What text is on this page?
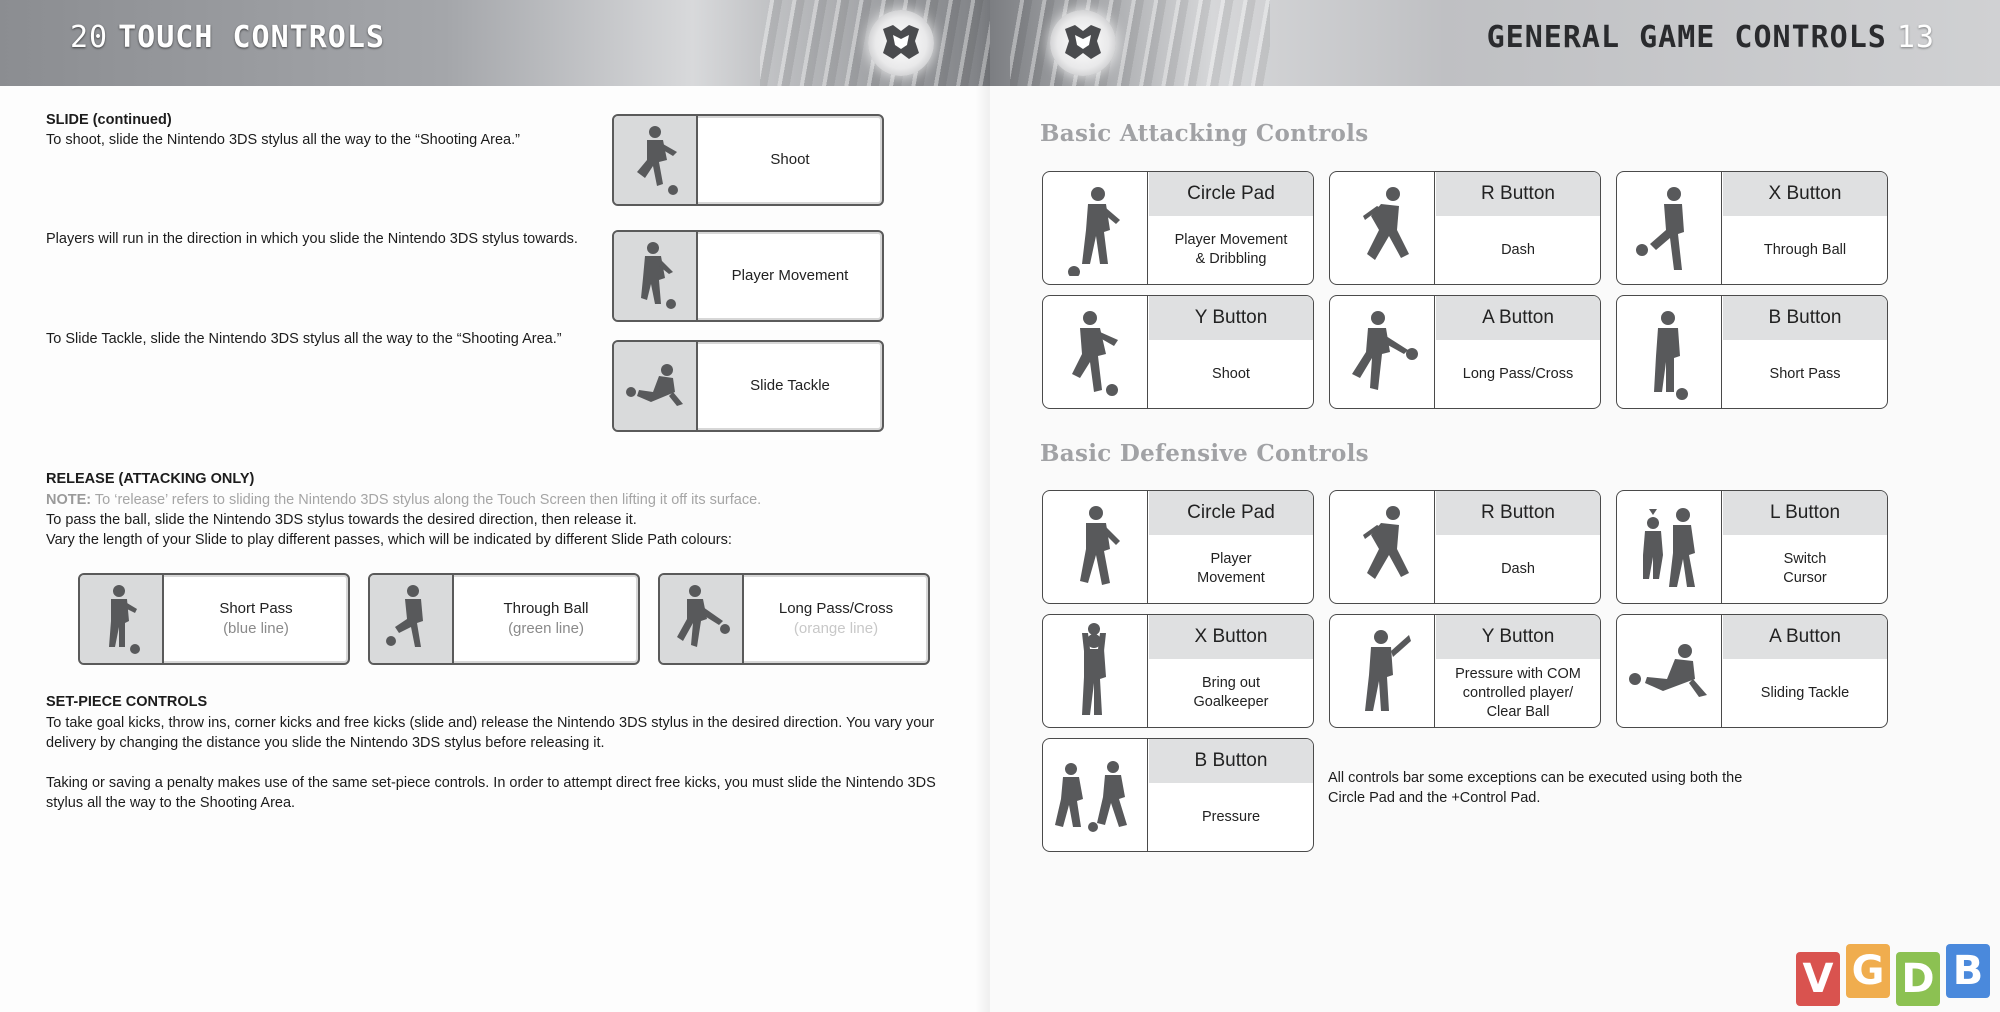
20 TOUCH CONTROLS
SLIDE (continued)
To shoot, slide the Nintendo 3DS stylus all the way to the “Shooting Area.”
Players will run in the direction in which you slide the Nintendo 3DS stylus towards.
To Slide Tackle, slide the Nintendo 3DS stylus all the way to the “Shooting Area.”
Shoot
Player Movement
Slide Tackle
RELEASE (ATTACKING ONLY)
NOTE: To ‘release’ refers to sliding the Nintendo 3DS stylus along the Touch Screen then lifting it off its surface.
To pass the ball, slide the Nintendo 3DS stylus towards the desired direction, then release it.
Vary the length of your Slide to play different passes, which will be indicated by different Slide Path colours:
Short Pass
(blue line)
Through Ball
(green line)
Long Pass/Cross
(orange line)
SET-PIECE CONTROLS
To take goal kicks, throw ins, corner kicks and free kicks (slide and) release the Nintendo 3DS stylus in the desired direction. You vary your delivery by changing the distance you slide the Nintendo 3DS stylus before releasing it.
Taking or saving a penalty makes use of the same set-piece controls. In order to attempt direct free kicks, you must slide the Nintendo 3DS stylus all the way to the Shooting Area.
GENERAL GAME CONTROLS 13
Basic Attacking Controls
Circle Pad
Player Movement
& Dribbling
R Button
Dash
X Button
Through Ball
Y Button
Shoot
A Button
Long Pass/Cross
B Button
Short Pass
Basic Defensive Controls
Circle Pad
Player
Movement
R Button
Dash
L Button
Switch
Cursor
X Button
Bring out
Goalkeeper
Y Button
Pressure with COM
controlled player/
Clear Ball
A Button
Sliding Tackle
B Button
Pressure
All controls bar some exceptions can be executed using both the
Circle Pad and the +Control Pad.
V G D B
